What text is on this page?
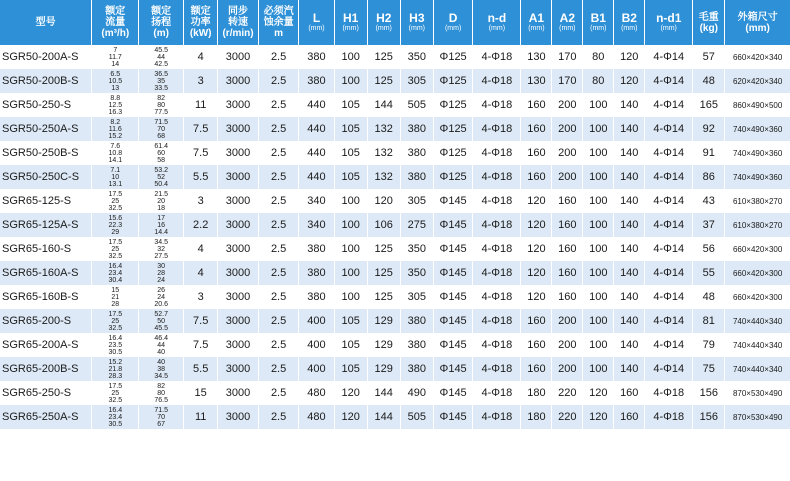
型号	额定
流量
(m³/h)	额定
扬程
(m)	额定
功率
(kW)	同步
转速
(r/min)	必须汽
蚀余量
m	L
(mm)	H1
(mm)	H2
(mm)	H3
(mm)	D
(mm)	n-d
(mm)	A1
(mm)	A2
(mm)	B1
(mm)	B2
(mm)	n-d1
(mm)	毛重
(kg)	外箱尺寸
(mm)

SGR50-200A-S	7
11.7
14	45.5
44
42.5	4	3000	2.5	380	100	125	350	Φ125	4-Φ18	130	170	80	120	4-Φ14	57	660×420×340
SGR50-200B-S	6.5
10.5
13	36.5
35
33.5	3	3000	2.5	380	100	125	305	Φ125	4-Φ18	130	170	80	120	4-Φ14	48	620×420×340
SGR50-250-S	8.8
12.5
16.3	82
80
77.5	11	3000	2.5	440	105	144	505	Φ125	4-Φ18	160	200	100	140	4-Φ14	165	860×490×500
SGR50-250A-S	8.2
11.6
15.2	71.5
70
68	7.5	3000	2.5	440	105	132	380	Φ125	4-Φ18	160	200	100	140	4-Φ14	92	740×490×360
SGR50-250B-S	7.6
10.8
14.1	61.4
60
58	7.5	3000	2.5	440	105	132	380	Φ125	4-Φ18	160	200	100	140	4-Φ14	91	740×490×360
SGR50-250C-S	7.1
10
13.1	53.2
52
50.4	5.5	3000	2.5	440	105	132	380	Φ125	4-Φ18	160	200	100	140	4-Φ14	86	740×490×360
SGR65-125-S	17.5
25
32.5	21.5
20
18	3	3000	2.5	340	100	120	305	Φ145	4-Φ18	120	160	100	140	4-Φ14	43	610×380×270
SGR65-125A-S	15.6
22.3
29	17
16
14.4	2.2	3000	2.5	340	100	106	275	Φ145	4-Φ18	120	160	100	140	4-Φ14	37	610×380×270
SGR65-160-S	17.5
25
32.5	34.5
32
27.5	4	3000	2.5	380	100	125	350	Φ145	4-Φ18	120	160	100	140	4-Φ14	56	660×420×300
SGR65-160A-S	16.4
23.4
30.4	30
28
24	4	3000	2.5	380	100	125	350	Φ145	4-Φ18	120	160	100	140	4-Φ14	55	660×420×300
SGR65-160B-S	15
21
28	26
24
20.6	3	3000	2.5	380	100	125	305	Φ145	4-Φ18	120	160	100	140	4-Φ14	48	660×420×300
SGR65-200-S	17.5
25
32.5	52.7
50
45.5	7.5	3000	2.5	400	105	129	380	Φ145	4-Φ18	160	200	100	140	4-Φ14	81	740×440×340
SGR65-200A-S	16.4
23.5
30.5	46.4
44
40	7.5	3000	2.5	400	105	129	380	Φ145	4-Φ18	160	200	100	140	4-Φ14	79	740×440×340
SGR65-200B-S	15.2
21.8
28.3	40
38
34.5	5.5	3000	2.5	400	105	129	380	Φ145	4-Φ18	160	200	100	140	4-Φ14	75	740×440×340
SGR65-250-S	17.5
25
32.5	82
80
76.5	15	3000	2.5	480	120	144	490	Φ145	4-Φ18	180	220	120	160	4-Φ18	156	870×530×490
SGR65-250A-S	16.4
23.4
30.5	71.5
70
67	11	3000	2.5	480	120	144	505	Φ145	4-Φ18	180	220	120	160	4-Φ18	156	870×530×490
